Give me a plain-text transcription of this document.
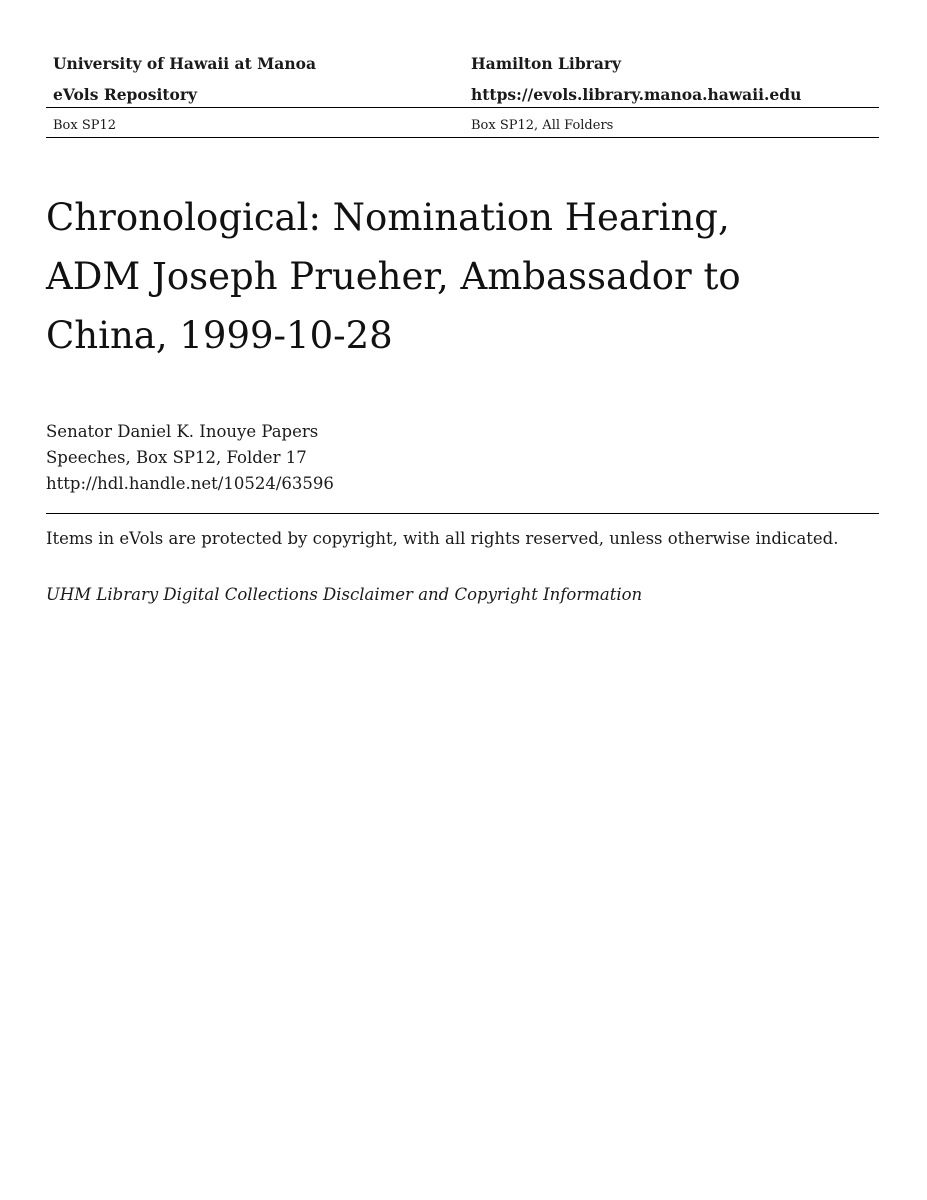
University of Hawaii at Manoa	Hamilton Library
eVols Repository	https://evols.library.manoa.hawaii.edu
Box SP12	Box SP12, All Folders
Chronological: Nomination Hearing,
ADM Joseph Prueher, Ambassador to
China, 1999-10-28
Senator Daniel K. Inouye Papers
Speeches, Box SP12, Folder 17
http://hdl.handle.net/10524/63596
Items in eVols are protected by copyright, with all rights reserved, unless otherwise indicated.
UHM Library Digital Collections Disclaimer and Copyright Information
